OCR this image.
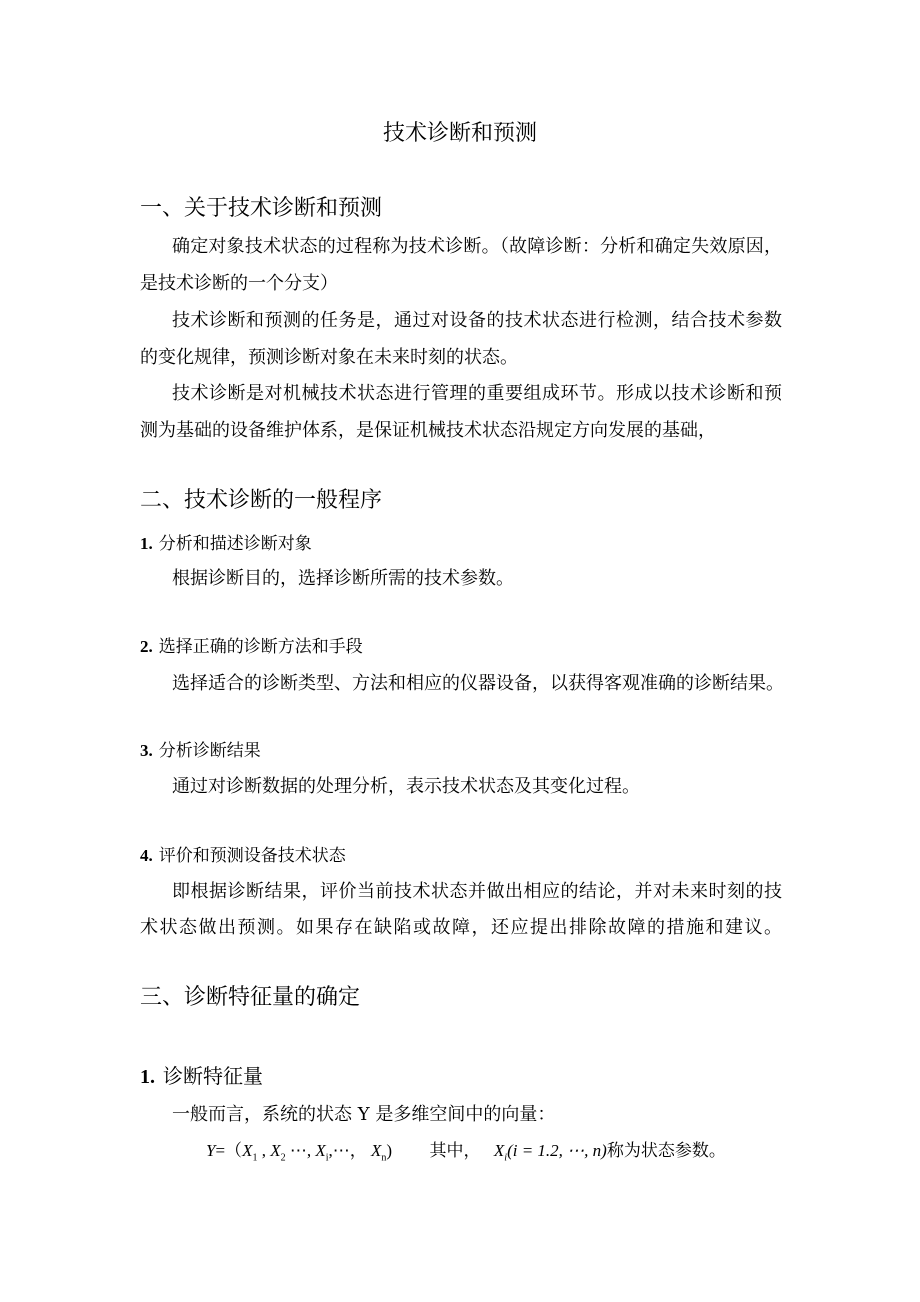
技术诊断和预测
一、关于技术诊断和预测
确定对象技术状态的过程称为技术诊断。（故障诊断：分析和确定失效原因，
是技术诊断的一个分支）
技术诊断和预测的任务是，通过对设备的技术状态进行检测，结合技术参数
的变化规律，预测诊断对象在未来时刻的状态。
技术诊断是对机械技术状态进行管理的重要组成环节。形成以技术诊断和预
测为基础的设备维护体系，是保证机械技术状态沿规定方向发展的基础，
二、技术诊断的一般程序
1. 分析和描述诊断对象
根据诊断目的，选择诊断所需的技术参数。
2. 选择正确的诊断方法和手段
选择适合的诊断类型、方法和相应的仪器设备，以获得客观准确的诊断结果。
3. 分析诊断结果
通过对诊断数据的处理分析，表示技术状态及其变化过程。
4. 评价和预测设备技术状态
即根据诊断结果，评价当前技术状态并做出相应的结论，并对未来时刻的技
术状态做出预测。如果存在缺陷或故障，还应提出排除故障的措施和建议。
三、诊断特征量的确定
1. 诊断特征量
一般而言，系统的状态 Y 是多维空间中的向量：
$Y=(X_1$ , $X_2$ ⋯, $X_i,\cdots$， $X_n$) 其中， $X_i(i = 1.2$, ⋯, n)称为状态参数。
